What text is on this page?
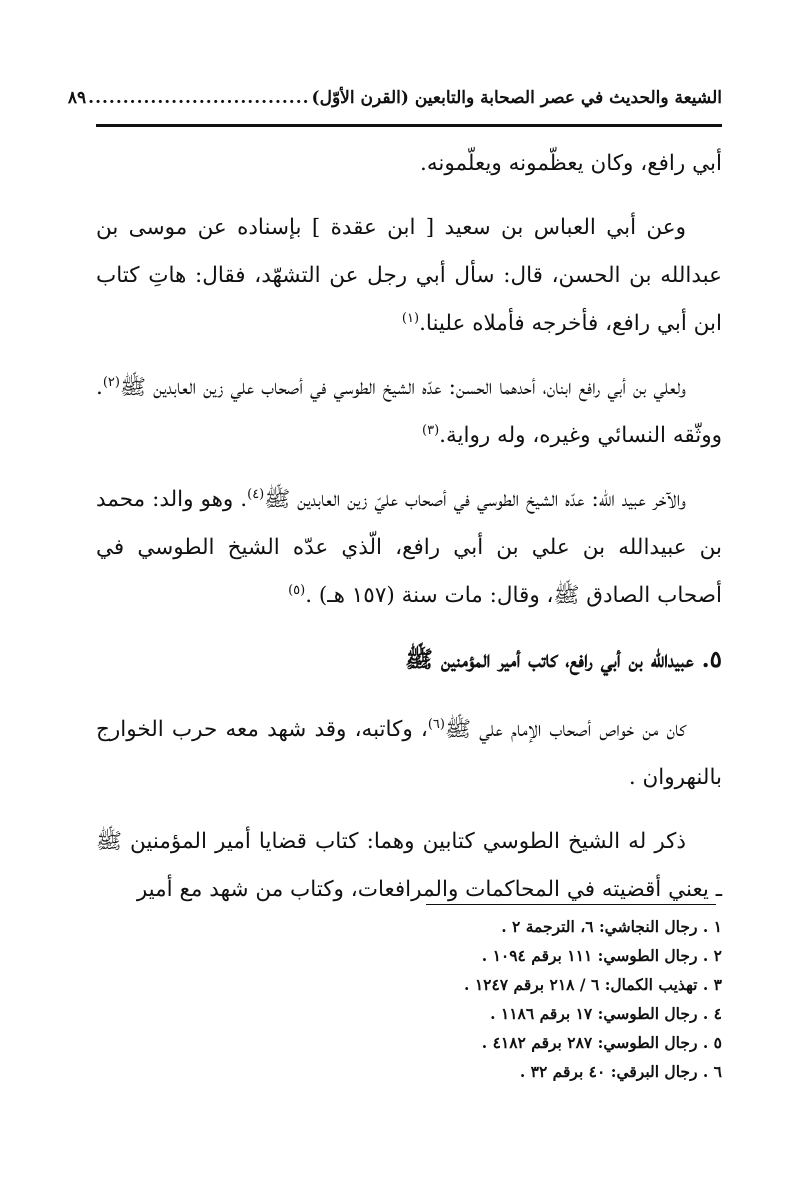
الشيعة والحديث في عصر الصحابة والتابعين (القرن الأوّل)
................................
٨٩

أبي رافع، وكان يعظّمونه ويعلّمونه.

وعن أبي العباس بن سعيد [ ابن عقدة ] بإسناده عن موسى بن عبدالله بن الحسن، قال: سأل أبي رجل عن التشهّد، فقال: هاتِ كتاب ابن أبي رافع، فأخرجه فأملاه علينا.$^{(١)}$

ولعلي بن أبي رافع ابنان، أحدهما الحسن: عدّه الشيخ الطوسي في أصحاب علي زين العابدين ﷺ$^{(٢)}$. ووثّقه النسائي وغيره، وله رواية.$^{(٣)}$

والآخر عبيد الله: عدّه الشيخ الطوسي في أصحاب عليّ زين العابدين ﷺ$^{(٤)}$. وهو والد: محمد بن عبيدالله بن علي بن أبي رافع، الّذي عدّه الشيخ الطوسي في أصحاب الصادق ﷺ، وقال: مات سنة (١٥٧ هـ) .$^{(٥)}$

٥. عبيدالله بن أبي رافع، كاتب أمير المؤمنين ﷺ

كان من خواص أصحاب الإمام علي ﷺ$^{(٦)}$، وكاتبه، وقد شهد معه حرب الخوارج بالنهروان .

ذكر له الشيخ الطوسي كتابين وهما: كتاب قضايا أمير المؤمنين ﷺ ـ يعني أقضيته في المحاكمات والمرافعات، وكتاب من شهد مع أمير

١ . رجال النجاشي: ٦، الترجمة ٢ .
٢ . رجال الطوسي: ١١١ برقم ١٠٩٤ .
٣ . تهذيب الكمال: ٦ / ٢١٨ برقم ١٢٤٧ .
٤ . رجال الطوسي: ١٧ برقم ١١٨٦ .
٥ . رجال الطوسي: ٢٨٧ برقم ٤١٨٢ .
٦ . رجال البرقي: ٤٠ برقم ٣٢ .
